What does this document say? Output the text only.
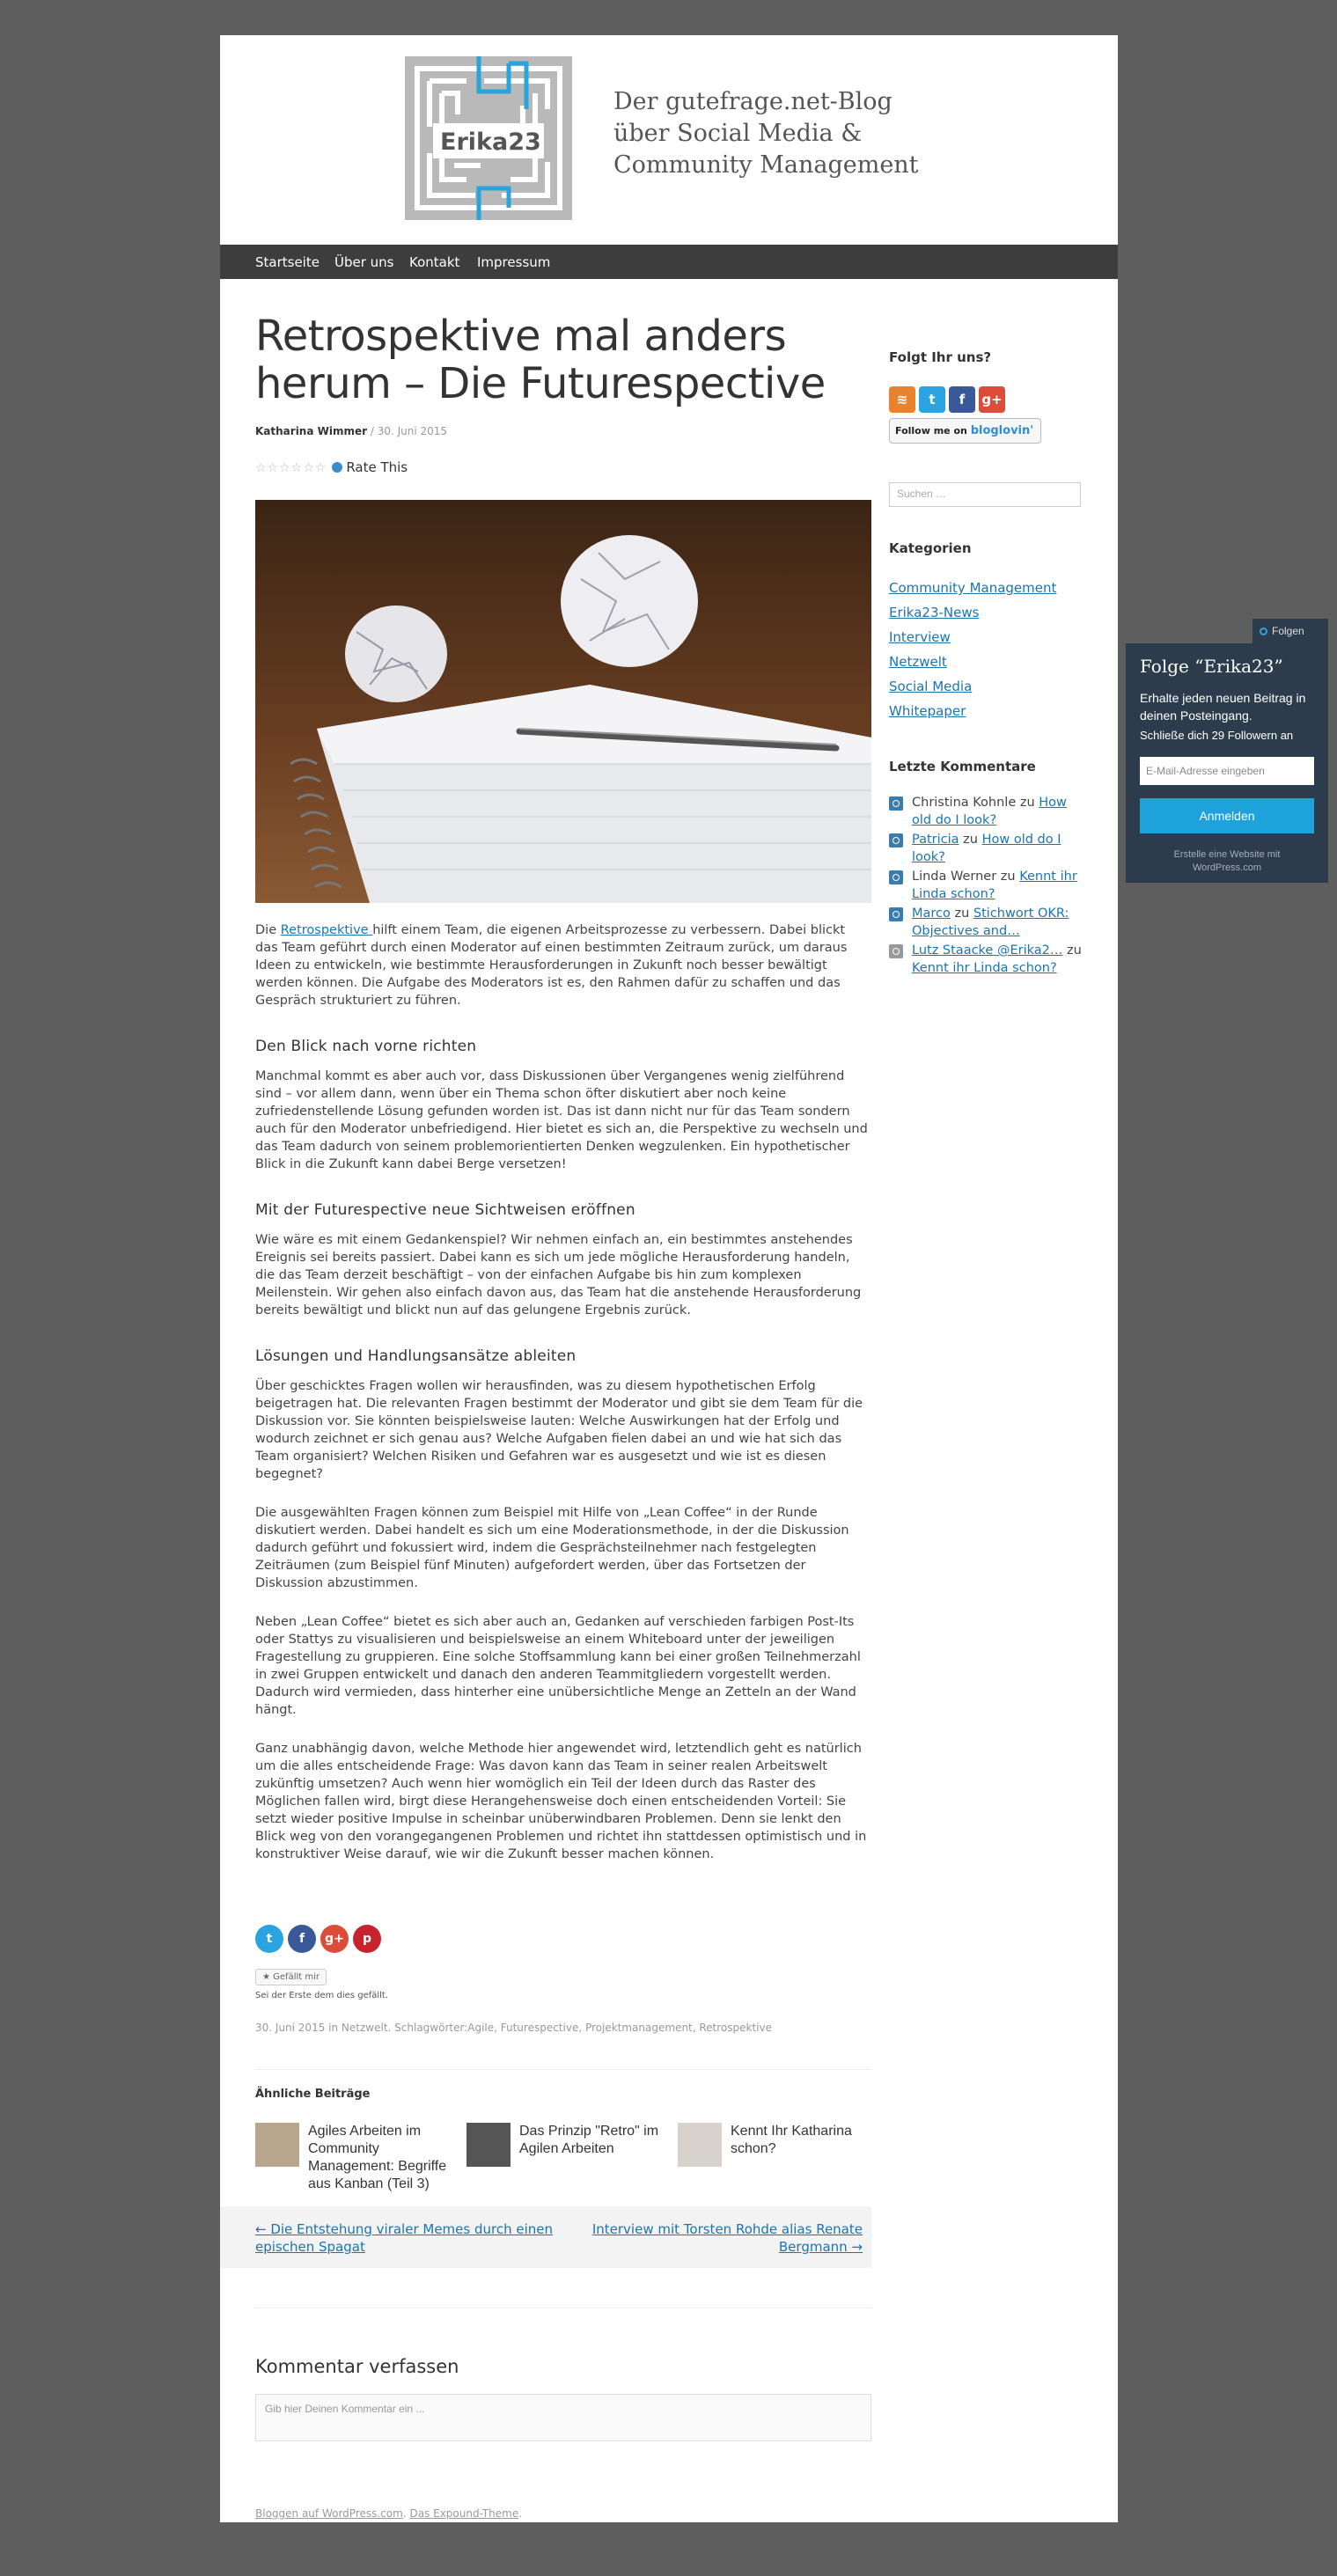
Erika23
Der gutefrage.net-Blog
über Social Media &
Community Management
Startseite Über uns Kontakt Impressum
Retrospektive mal anders herum – Die Futurespective
Katharina Wimmer / 30. Juni 2015
☆☆☆☆☆☆ Rate This

Die Retrospektive hilft einem Team, die eigenen Arbeitsprozesse zu verbessern. Dabei blickt das Team geführt durch einen Moderator auf einen bestimmten Zeitraum zurück, um daraus Ideen zu entwickeln, wie bestimmte Herausforderungen in Zukunft noch besser bewältigt werden können. Die Aufgabe des Moderators ist es, den Rahmen dafür zu schaffen und das Gespräch strukturiert zu führen.

Den Blick nach vorne richten

Manchmal kommt es aber auch vor, dass Diskussionen über Vergangenes wenig zielführend sind – vor allem dann, wenn über ein Thema schon öfter diskutiert aber noch keine zufriedenstellende Lösung gefunden worden ist. Das ist dann nicht nur für das Team sondern auch für den Moderator unbefriedigend. Hier bietet es sich an, die Perspektive zu wechseln und das Team dadurch von seinem problemorientierten Denken wegzulenken. Ein hypothetischer Blick in die Zukunft kann dabei Berge versetzen!

Mit der Futurespective neue Sichtweisen eröffnen

Wie wäre es mit einem Gedankenspiel? Wir nehmen einfach an, ein bestimmtes anstehendes Ereignis sei bereits passiert. Dabei kann es sich um jede mögliche Herausforderung handeln, die das Team derzeit beschäftigt – von der einfachen Aufgabe bis hin zum komplexen Meilenstein. Wir gehen also einfach davon aus, das Team hat die anstehende Herausforderung bereits bewältigt und blickt nun auf das gelungene Ergebnis zurück.

Lösungen und Handlungsansätze ableiten

Über geschicktes Fragen wollen wir herausfinden, was zu diesem hypothetischen Erfolg beigetragen hat. Die relevanten Fragen bestimmt der Moderator und gibt sie dem Team für die Diskussion vor. Sie könnten beispielsweise lauten: Welche Auswirkungen hat der Erfolg und wodurch zeichnet er sich genau aus? Welche Aufgaben fielen dabei an und wie hat sich das Team organisiert? Welchen Risiken und Gefahren war es ausgesetzt und wie ist es diesen begegnet?

Die ausgewählten Fragen können zum Beispiel mit Hilfe von „Lean Coffee“ in der Runde diskutiert werden. Dabei handelt es sich um eine Moderationsmethode, in der die Diskussion dadurch geführt und fokussiert wird, indem die Gesprächsteilnehmer nach festgelegten Zeiträumen (zum Beispiel fünf Minuten) aufgefordert werden, über das Fortsetzen der Diskussion abzustimmen.

Neben „Lean Coffee“ bietet es sich aber auch an, Gedanken auf verschieden farbigen Post-Its oder Stattys zu visualisieren und beispielsweise an einem Whiteboard unter der jeweiligen Fragestellung zu gruppieren. Eine solche Stoffsammlung kann bei einer großen Teilnehmerzahl in zwei Gruppen entwickelt und danach den anderen Teammitgliedern vorgestellt werden. Dadurch wird vermieden, dass hinterher eine unübersichtliche Menge an Zetteln an der Wand hängt.

Ganz unabhängig davon, welche Methode hier angewendet wird, letztendlich geht es natürlich um die alles entscheidende Frage: Was davon kann das Team in seiner realen Arbeitswelt zukünftig umsetzen? Auch wenn hier womöglich ein Teil der Ideen durch das Raster des Möglichen fallen wird, birgt diese Herangehensweise doch einen entscheidenden Vorteil: Sie setzt wieder positive Impulse in scheinbar unüberwindbaren Problemen. Denn sie lenkt den Blick weg von den vorangegangenen Problemen und richtet ihn stattdessen optimistisch und in konstruktiver Weise darauf, wie wir die Zukunft besser machen können.

t	f	g+	p
★ Gefällt mir
Sei der Erste dem dies gefällt.
30. Juni 2015 in Netzwelt. Schlagwörter:Agile, Futurespective, Projektmanagement, Retrospektive
Ähnliche Beiträge
Agiles Arbeiten im Community Management: Begriffe aus Kanban (Teil 3)
Das Prinzip "Retro" im Agilen Arbeiten
Kennt Ihr Katharina schon?
← Die Entstehung viraler Memes durch einen epischen Spagat
Interview mit Torsten Rohde alias Renate Bergmann →
Kommentar verfassen
Gib hier Deinen Kommentar ein ...
Bloggen auf WordPress.com. Das Expound-Theme.
Folgt Ihr uns?
≋	t	f	g+
Follow me on bloglovin'
Suchen …
Kategorien
Community Management
Erika23-News
Interview
Netzwelt
Social Media
Whitepaper
Letzte Kommentare
Christina Kohnle zu How old do I look?
Patricia zu How old do I look?
Linda Werner zu Kennt ihr Linda schon?
Marco zu Stichwort OKR: Objectives and…
Lutz Staacke @Erika2… zu Kennt ihr Linda schon?
Folgen
Folge “Erika23”
Erhalte jeden neuen Beitrag in deinen Posteingang.
Schließe dich 29 Followern an
E-Mail-Adresse eingeben
Anmelden
Erstelle eine Website mit WordPress.com
